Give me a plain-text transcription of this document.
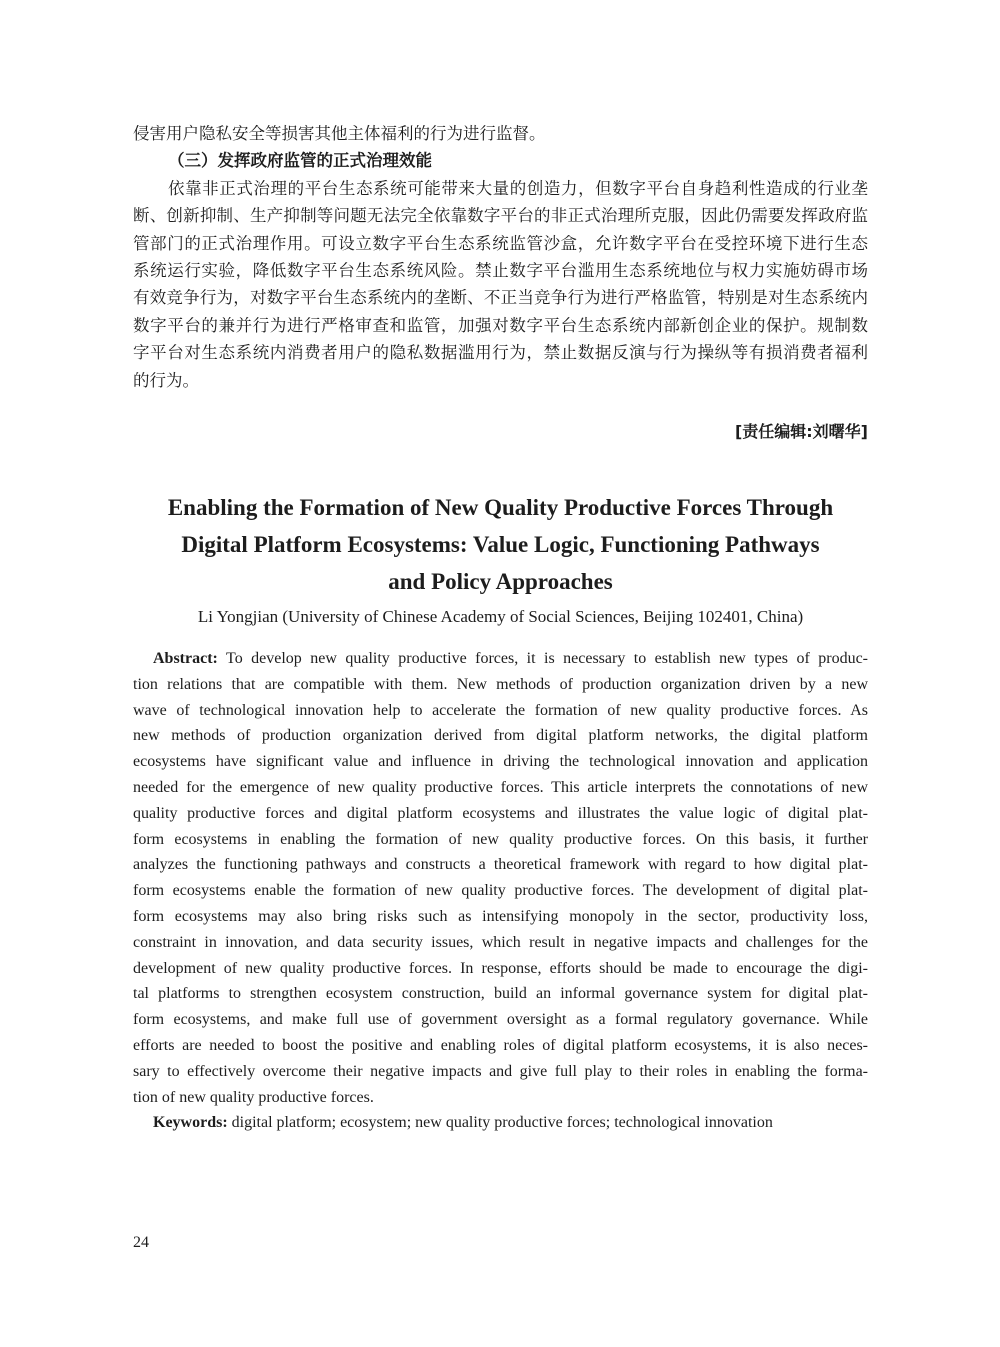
侵害用户隐私安全等损害其他主体福利的行为进行监督。
（三）发挥政府监管的正式治理效能
依靠非正式治理的平台生态系统可能带来大量的创造力，但数字平台自身趋利性造成的行业垄
断、创新抑制、生产抑制等问题无法完全依靠数字平台的非正式治理所克服，因此仍需要发挥政府监
管部门的正式治理作用。可设立数字平台生态系统监管沙盒，允许数字平台在受控环境下进行生态
系统运行实验，降低数字平台生态系统风险。禁止数字平台滥用生态系统地位与权力实施妨碍市场
有效竞争行为，对数字平台生态系统内的垄断、不正当竞争行为进行严格监管，特别是对生态系统内
数字平台的兼并行为进行严格审查和监管，加强对数字平台生态系统内部新创企业的保护。规制数
字平台对生态系统内消费者用户的隐私数据滥用行为，禁止数据反演与行为操纵等有损消费者福利
的行为。
[责任编辑:刘曙华]
Enabling the Formation of New Quality Productive Forces Through
Digital Platform Ecosystems: Value Logic, Functioning Pathways
and Policy Approaches
Li Yongjian (University of Chinese Academy of Social Sciences, Beijing 102401, China)
Abstract: To develop new quality productive forces, it is necessary to establish new types of produc-
tion relations that are compatible with them. New methods of production organization driven by a new
wave of technological innovation help to accelerate the formation of new quality productive forces. As
new methods of production organization derived from digital platform networks, the digital platform
ecosystems have significant value and influence in driving the technological innovation and application
needed for the emergence of new quality productive forces. This article interprets the connotations of new
quality productive forces and digital platform ecosystems and illustrates the value logic of digital plat-
form ecosystems in enabling the formation of new quality productive forces. On this basis, it further
analyzes the functioning pathways and constructs a theoretical framework with regard to how digital plat-
form ecosystems enable the formation of new quality productive forces. The development of digital plat-
form ecosystems may also bring risks such as intensifying monopoly in the sector, productivity loss,
constraint in innovation, and data security issues, which result in negative impacts and challenges for the
development of new quality productive forces. In response, efforts should be made to encourage the digi-
tal platforms to strengthen ecosystem construction, build an informal governance system for digital plat-
form ecosystems, and make full use of government oversight as a formal regulatory governance. While
efforts are needed to boost the positive and enabling roles of digital platform ecosystems, it is also neces-
sary to effectively overcome their negative impacts and give full play to their roles in enabling the forma-
tion of new quality productive forces.
Keywords: digital platform; ecosystem; new quality productive forces; technological innovation
24
